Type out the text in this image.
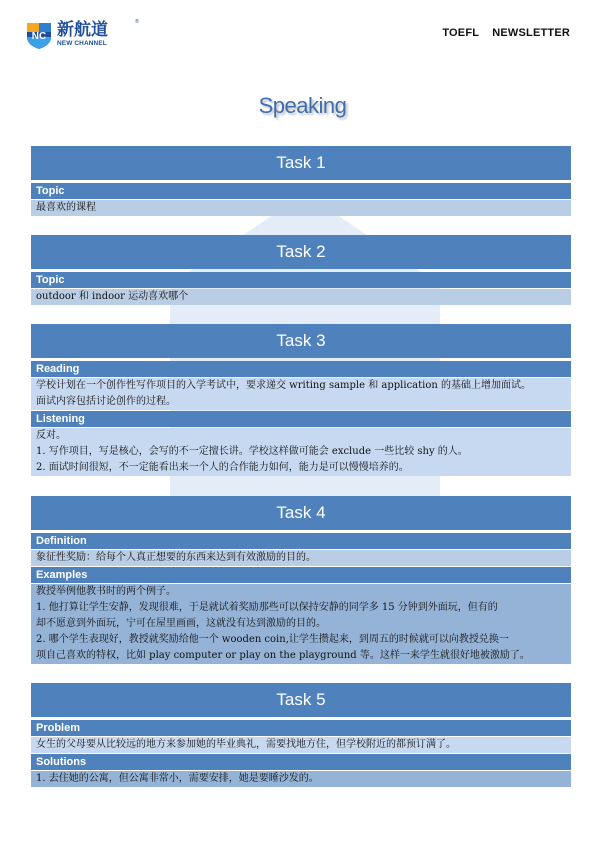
NC 新航道
NEW CHANNEL
®
TOEFL NEWSLETTER
Speaking
Task 1
Topic
最喜欢的课程
Task 2
Topic
outdoor 和 indoor 运动喜欢哪个
Task 3
Reading
学校计划在一个创作性写作项目的入学考试中，要求递交 writing sample 和 application 的基础上增加面试。
面试内容包括讨论创作的过程。
Listening
反对。
1. 写作项目，写是核心，会写的不一定擅长讲。学校这样做可能会 exclude 一些比较 shy 的人。
2. 面试时间很短，不一定能看出来一个人的合作能力如何，能力是可以慢慢培养的。
Task 4
Definition
象征性奖励：给每个人真正想要的东西来达到有效激励的目的。
Examples
教授举例他教书时的两个例子。
1. 他打算让学生安静，发现很难，于是就试着奖励那些可以保持安静的同学多 15 分钟到外面玩，但有的
却不愿意到外面玩，宁可在屋里画画，这就没有达到激励的目的。
2. 哪个学生表现好，教授就奖励给他一个 wooden coin,让学生攒起来，到周五的时候就可以向教授兑换一
项自己喜欢的特权，比如 play computer or play on the playground 等。这样一来学生就很好地被激励了。
Task 5
Problem
女生的父母要从比较远的地方来参加她的毕业典礼，需要找地方住，但学校附近的都预订满了。
Solutions
1. 去住她的公寓，但公寓非常小，需要安排，她是要睡沙发的。
